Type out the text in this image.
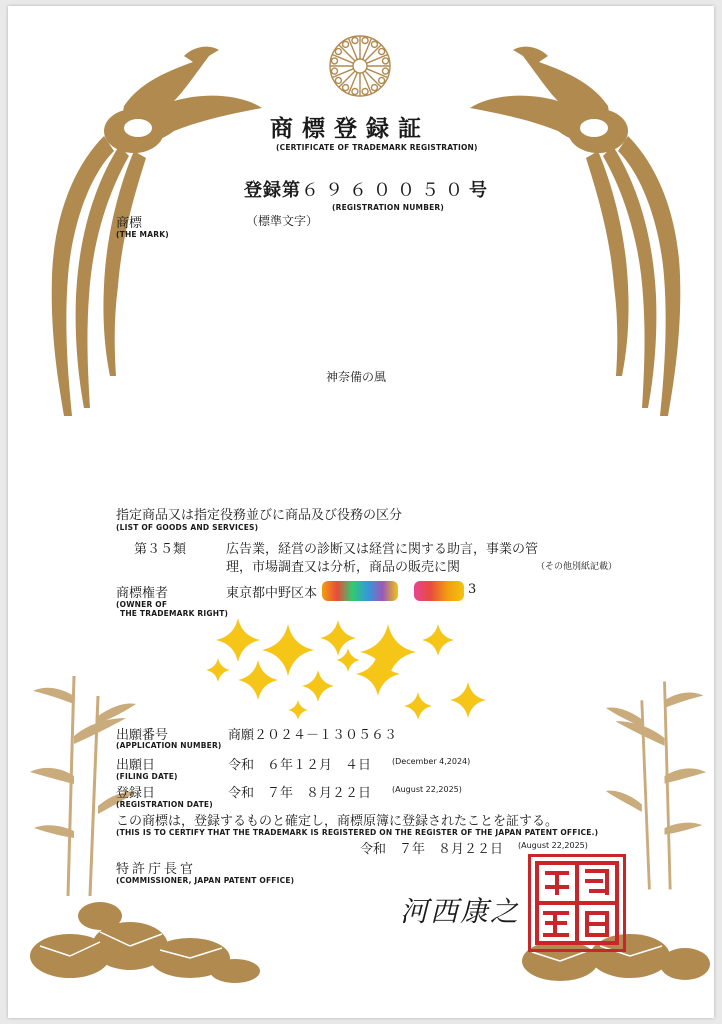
商標登録証
(CERTIFICATE OF TRADEMARK REGISTRATION)
登録第６９６００５０号
(REGISTRATION NUMBER)
商標
(THE MARK)
（標準文字）
神奈備の風
指定商品又は指定役務並びに商品及び役務の区分
(LIST OF GOODS AND SERVICES)
第３５類	広告業，経営の診断又は経営に関する助言，事業の管
理，市場調査又は分析，商品の販売に関	（その他別紙記載）
商標権者
(OWNER OF
THE TRADEMARK RIGHT)
東京都中野区本	3
出願番号
(APPLICATION NUMBER)
商願２０２４－１３０５６３
出願日
(FILING DATE)
令和　６年１２月　４日	(December 4,2024)
登録日
(REGISTRATION DATE)
令和　７年　８月２２日	(August 22,2025)
この商標は，登録するものと確定し，商標原簿に登録されたことを証する。
(THIS IS TO CERTIFY THAT THE TRADEMARK IS REGISTERED ON THE REGISTER OF THE JAPAN PATENT OFFICE.)
令和　７年　８月２２日 (August 22,2025)
特許庁長官
(COMMISSIONER, JAPAN PATENT OFFICE)
河西康之
